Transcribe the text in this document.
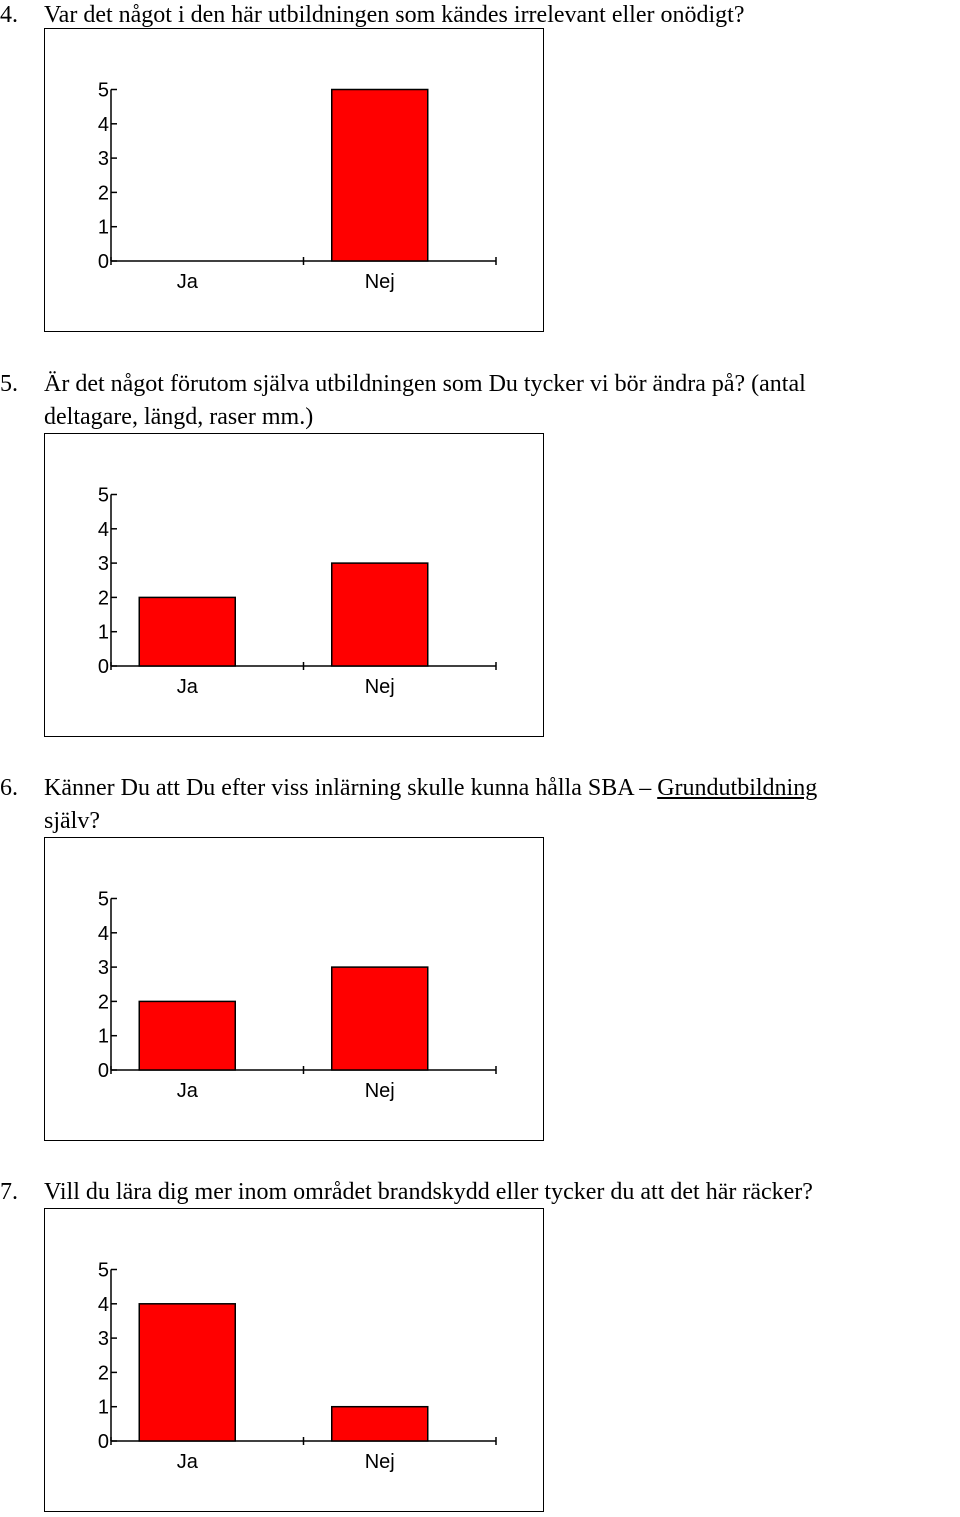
4. Var det något i den här utbildningen som kändes irrelevant eller onödigt?
0
1
2
3
4
5
Ja	Nej
5. Är det något förutom själva utbildningen som Du tycker vi bör ändra på? (antal
deltagare, längd, raser mm.)
0
1
2
3
4
5
Ja	Nej
6. Känner Du att Du efter viss inlärning skulle kunna hålla SBA – Grundutbildning
själv?
0
1
2
3
4
5
Ja	Nej
7. Vill du lära dig mer inom området brandskydd eller tycker du att det här räcker?
0
1
2
3
4
5
Ja	Nej
